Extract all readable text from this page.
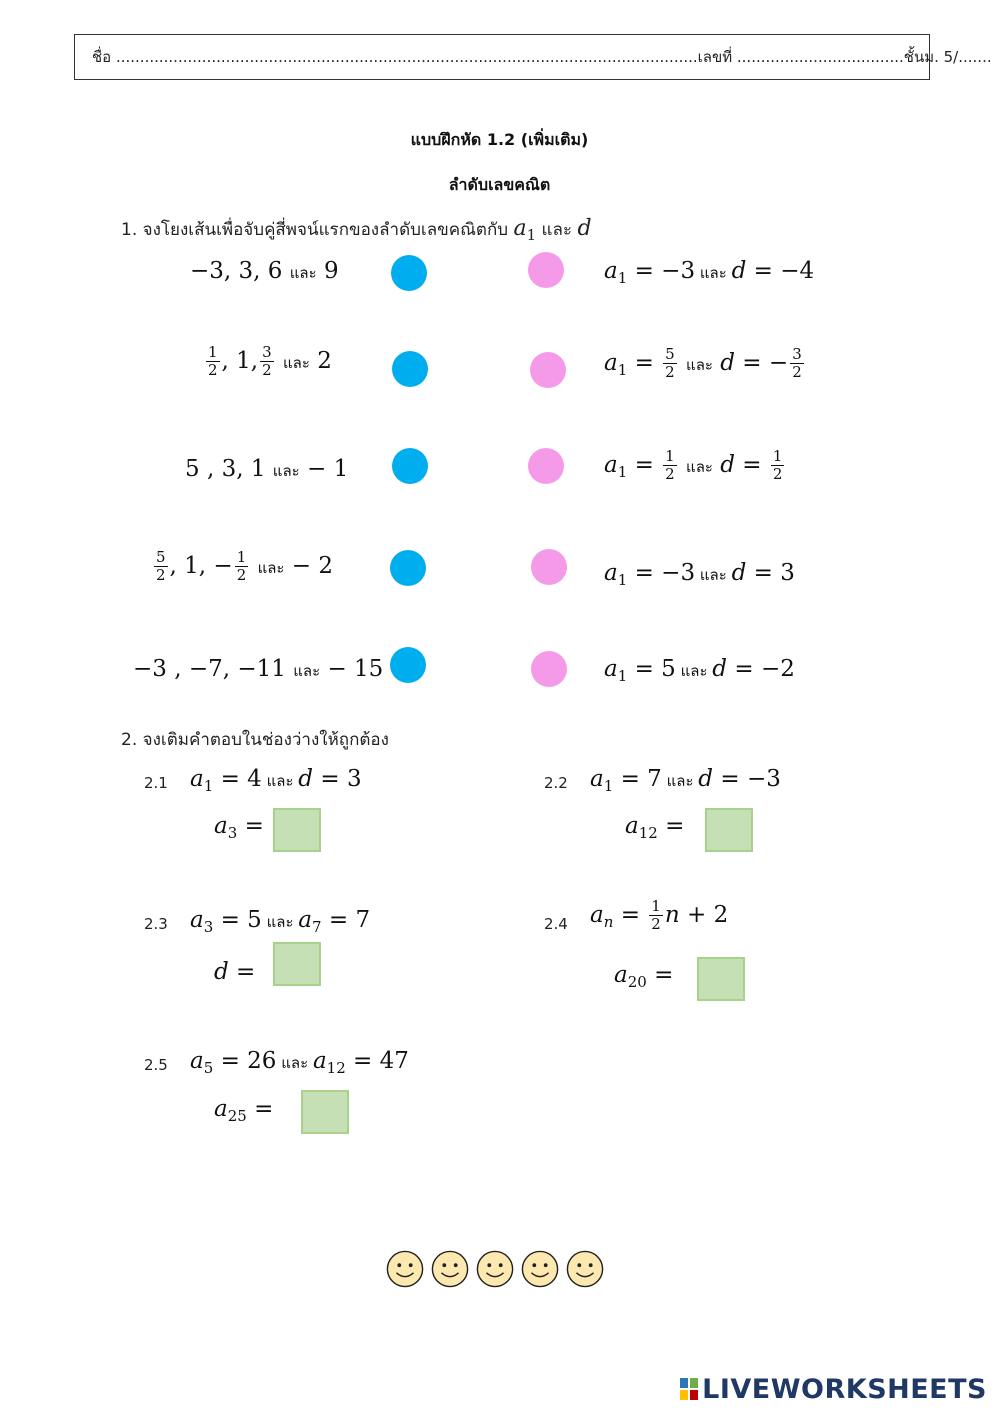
ชื่อ ..........................................................................................................................เลขที่ ...................................ชั้นม. 5/.......
แบบฝึกหัด 1.2 (เพิ่มเติม)
ลำดับเลขคณิต
1. จงโยงเส้นเพื่อจับคู่สี่พจน์แรกของลำดับเลขคณิตกับ $a_1$ และ d
−3, 3, 6 และ 9
$\frac{1}{2}$ , 1, $\frac{3}{2}$ และ 2
5 , 3, 1 และ − 1
$\frac{5}{2}$ , 1, − $\frac{1}{2}$ และ − 2
−3 , −7, −11 และ − 15
$a_1 = -3$ และ d = −4
$a_1 = \frac{5}{2}$ และ d = − $\frac{3}{2}$
$a_1 = \frac{1}{2}$ และ $d = \frac{1}{2}$
$a_1 = -3$ และ d = 3
$a_1 = 5$ และ d = −2
2. จงเติมคำตอบในช่องว่างให้ถูกต้อง
2.1 $a_1 = 4$ และ d = 3
$a_3$ =
2.2 $a_1 = 7$ และ d = −3
$a_{12}$ =
2.3 $a_3 = 5$ และ $a_7 = 7$
d =
2.4 $a_n = \frac{1}{2}$ n + 2
$a_{20}$ =
2.5 $a_5 = 26$ และ $a_{12} = 47$
$a_{25}$ =

LIVEWORKSHEETS
